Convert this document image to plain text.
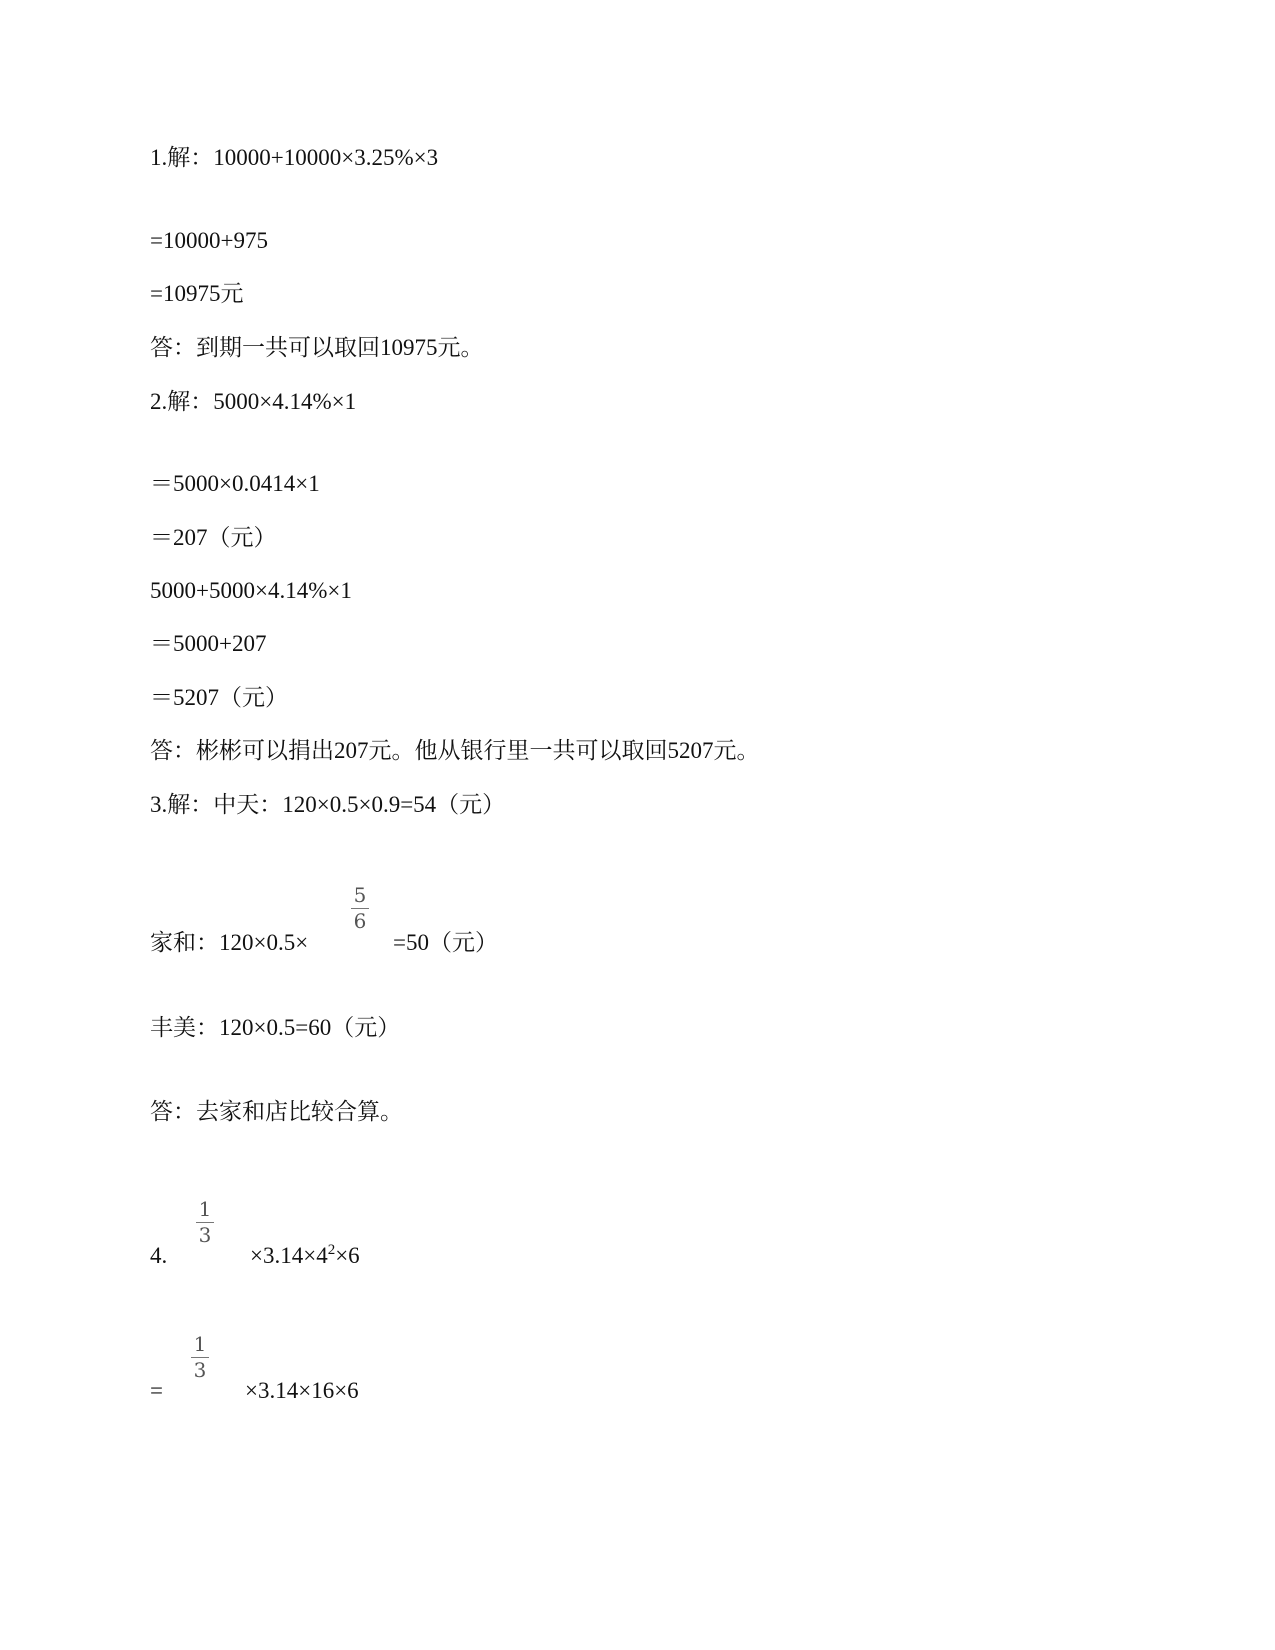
1.解：10000+10000×3.25%×3
=10000+975
=10975元
答：到期一共可以取回10975元。
2.解：5000×4.14%×1
＝5000×0.0414×1
＝207（元）
5000+5000×4.14%×1
＝5000+207
＝5207（元）
答：彬彬可以捐出207元。他从银行里一共可以取回5207元。
3.解：中天：120×0.5×0.9=54（元）
家和：120×0.5×
5
6
=50（元）
丰美：120×0.5=60（元）
答：去家和店比较合算。
4.
1
3
$\times 3.14\times 4^2\times 6$
=
1
3
×3.14×16×6
